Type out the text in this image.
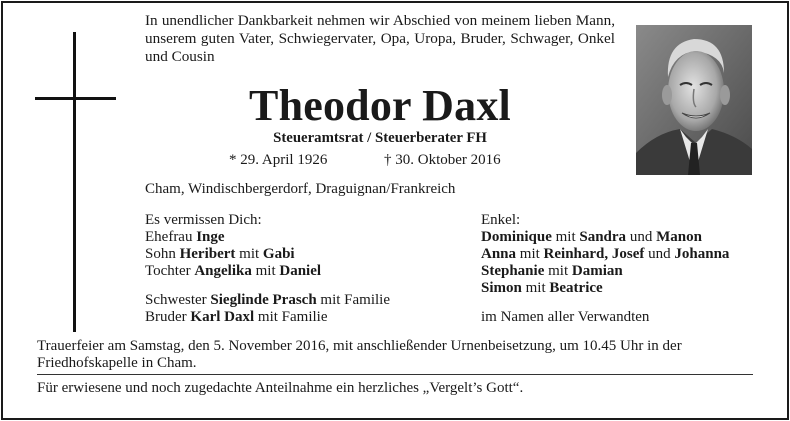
In unendlicher Dankbarkeit nehmen wir Abschied von meinem lieben Mann, unserem guten Vater, Schwiegervater, Opa, Uropa, Bruder, Schwager, Onkel und Cousin
Theodor Daxl
Steueramtsrat / Steuerberater FH
* 29. April 1926	† 30. Oktober 2016
Cham, Windischbergerdorf, Draguignan/Frankreich
Es vermissen Dich:
Ehefrau Inge
Sohn Heribert mit Gabi
Tochter Angelika mit Daniel
Schwester Sieglinde Prasch mit Familie
Bruder Karl Daxl mit Familie
Enkel:
Dominique mit Sandra und Manon
Anna mit Reinhard, Josef und Johanna
Stephanie mit Damian
Simon mit Beatrice
im Namen aller Verwandten
Trauerfeier am Samstag, den 5. November 2016, mit anschließender Urnenbeisetzung, um 10.45 Uhr in der Friedhofskapelle in Cham.
Für erwiesene und noch zugedachte Anteilnahme ein herzliches „Vergelt’s Gott“.
